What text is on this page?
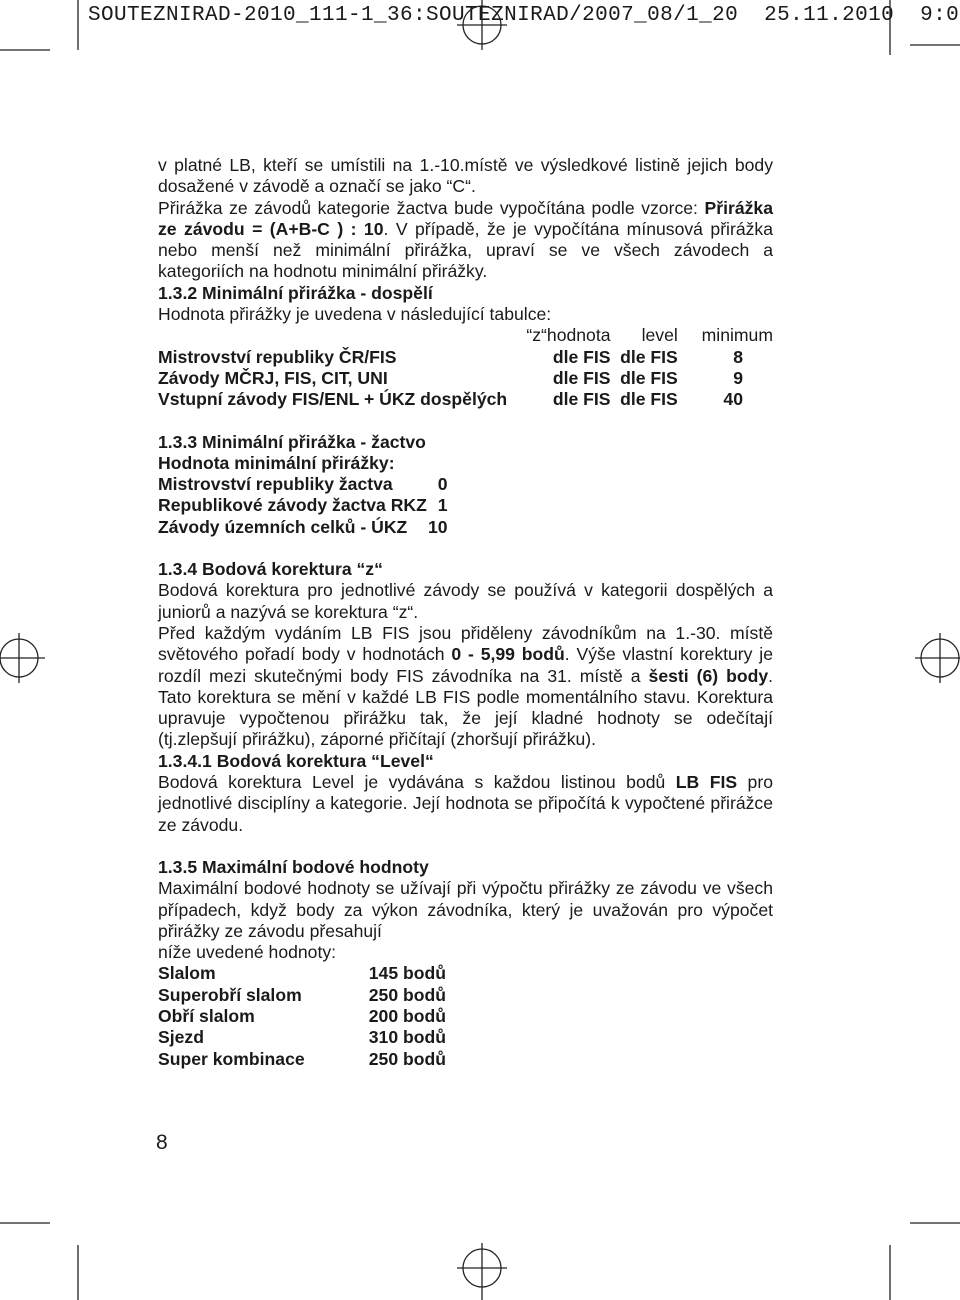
SOUTEZNIRAD-2010_111-1_36:SOUTEZNIRAD/2007_08/1_20  25.11.2010  9:0

v platné LB, kteří se umístili na 1.-10.místě ve výsledkové listině jejich body dosažené v závodě a označí se jako “C“.

Přirážka ze závodů kategorie žactva bude vypočítána podle vzorce: Přirážka ze závodu = (A+B-C ) : 10. V případě, že je vypočítána mínusová přirážka nebo menší než minimální přirážka, upraví se ve všech závodech a kategoriích na hodnotu minimální přirážky.

1.3.2 Minimální přirážka - dospělí

Hodnota přirážky je uvedena v následující tabulce:

	“z“hodnota	level	minimum
Mistrovství republiky ČR/FIS	dle FIS	dle FIS	8
Závody MČRJ, FIS, CIT, UNI	dle FIS	dle FIS	9
Vstupní závody FIS/ENL + ÚKZ dospělých	dle FIS	dle FIS	40

1.3.3 Minimální přirážka - žactvo

Hodnota minimální přirážky:	
Mistrovství republiky žactva	0
Republikové závody žactva RKZ	1
Závody územních celků - ÚKZ	10

1.3.4 Bodová korektura “z“

Bodová korektura pro jednotlivé závody se používá v kategorii dospělých a juniorů a nazývá se korektura “z“.

Před každým vydáním LB FIS jsou přiděleny závodníkům na 1.-30. místě světového pořadí body v hodnotách 0 - 5,99 bodů. Výše vlastní korektury je rozdíl mezi skutečnými body FIS závodníka na 31. místě a šesti (6) body. Tato korektura se mění v každé LB FIS podle momentálního stavu. Korektura upravuje vypočtenou přirážku tak, že její kladné hodnoty se odečítají (tj.zlepšují přirážku), záporné přičítají (zhoršují přirážku).

1.3.4.1 Bodová korektura “Level“

Bodová korektura Level je vydávána s každou listinou bodů LB FIS pro jednotlivé disciplíny a kategorie. Její hodnota se připočítá k vypočtené přirážce ze závodu.

1.3.5 Maximální bodové hodnoty

Maximální bodové hodnoty se užívají při výpočtu přirážky ze závodu ve všech případech, když body za výkon závodníka, který je uvažován pro výpočet přirážky ze závodu přesahují

níže uvedené hodnoty:

Slalom	145 bodů
Superobří slalom	250 bodů
Obří slalom	200 bodů
Sjezd	310 bodů
Super kombinace	250 bodů
8
